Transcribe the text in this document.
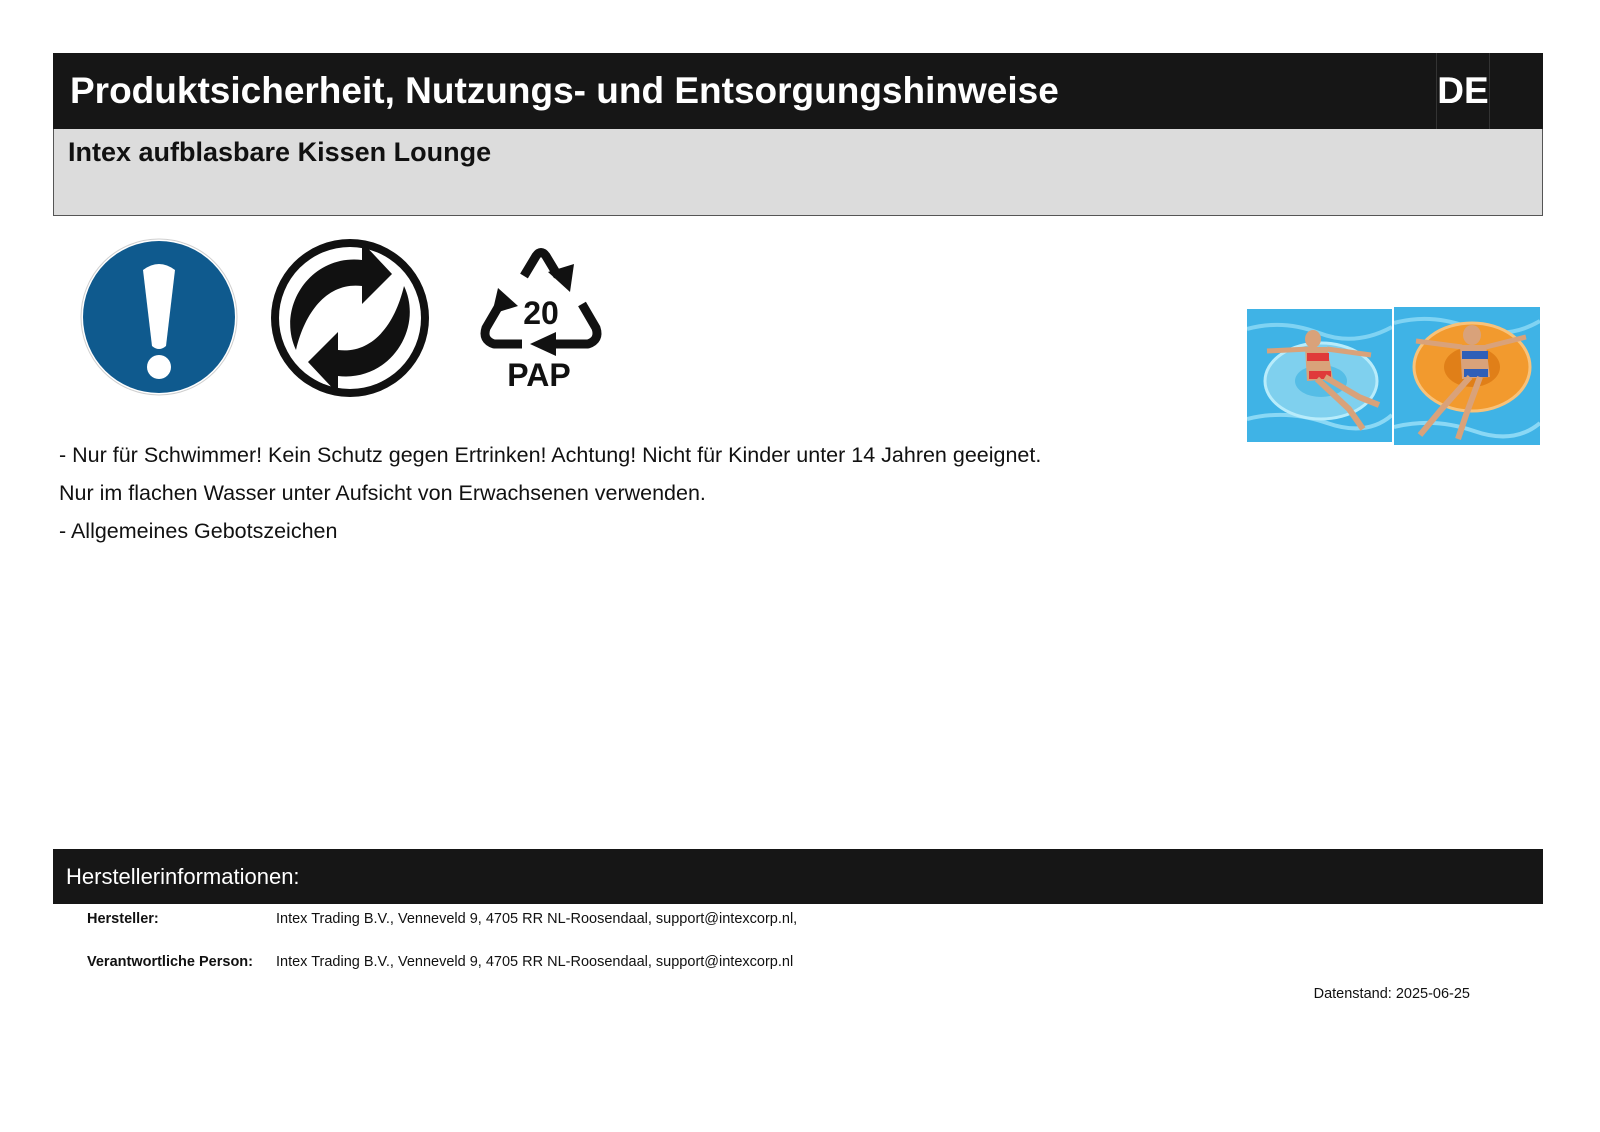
Produktsicherheit, Nutzungs- und Entsorgungshinweise	DE
Intex aufblasbare Kissen Lounge
20
PAP
- Nur für Schwimmer! Kein Schutz gegen Ertrinken! Achtung! Nicht für Kinder unter 14 Jahren geeignet.
Nur im flachen Wasser unter Aufsicht von Erwachsenen verwenden.
- Allgemeines Gebotszeichen
Herstellerinformationen:
Hersteller:	Intex Trading B.V., Venneveld 9, 4705 RR NL-Roosendaal, support@intexcorp.nl,
Verantwortliche Person: Intex Trading B.V., Venneveld 9, 4705 RR NL-Roosendaal, support@intexcorp.nl
Datenstand: 2025-06-25
